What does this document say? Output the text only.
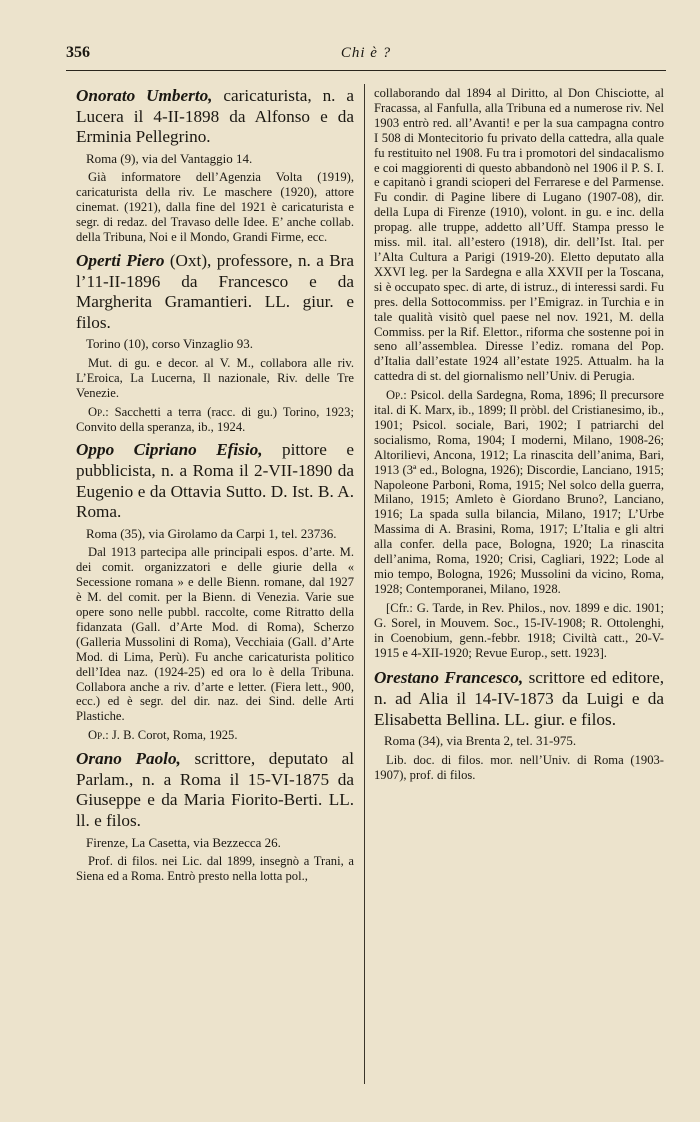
356	Chi è ?

Onorato Umberto, caricaturista, n. a Lucera il 4-II-1898 da Alfonso e da Erminia Pellegrino.

Roma (9), via del Vantaggio 14.

Già informatore dell’Agenzia Volta (1919), caricaturista della riv. Le maschere (1920), attore cinemat. (1921), dalla fine del 1921 è caricaturista e segr. di redaz. del Travaso delle Idee. E’ anche collab. della Tribuna, Noi e il Mondo, Grandi Firme, ecc.

Operti Piero (Oxt), professore, n. a Bra l’11-II-1896 da Francesco e da Margherita Gramantieri. LL. giur. e filos.

Torino (10), corso Vinzaglio 93.

Mut. di gu. e decor. al V. M., collabora alle riv. L’Eroica, La Lucerna, Il nazionale, Riv. delle Tre Venezie.

Op.: Sacchetti a terra (racc. di gu.) Torino, 1923; Convito della speranza, ib., 1924.

Oppo Cipriano Efisio, pittore e pubblicista, n. a Roma il 2-VII-1890 da Eugenio e da Ottavia Sutto. D. Ist. B. A. Roma.

Roma (35), via Girolamo da Carpi 1, tel. 23736.

Dal 1913 partecipa alle principali espos. d’arte. M. dei comit. organizzatori e delle giurie della « Secessione romana » e delle Bienn. romane, dal 1927 è M. del comit. per la Bienn. di Venezia. Varie sue opere sono nelle pubbl. raccolte, come Ritratto della fidanzata (Gall. d’Arte Mod. di Roma), Scherzo (Galleria Mussolini di Roma), Vecchiaia (Gall. d’Arte Mod. di Lima, Perù). Fu anche caricaturista politico dell’Idea naz. (1924-25) ed ora lo è della Tribuna. Collabora anche a riv. d’arte e letter. (Fiera lett., 900, ecc.) ed è segr. del dir. naz. dei Sind. delle Arti Plastiche.

Op.: J. B. Corot, Roma, 1925.

Orano Paolo, scrittore, deputato al Parlam., n. a Roma il 15-VI-1875 da Giuseppe e da Maria Fiorito-Berti. LL. ll. e filos.

Firenze, La Casetta, via Bezzecca 26.

Prof. di filos. nei Lic. dal 1899, insegnò a Trani, a Siena ed a Roma. Entrò presto nella lotta pol.,

collaborando dal 1894 al Diritto, al Don Chisciotte, al Fracassa, al Fanfulla, alla Tribuna ed a numerose riv. Nel 1903 entrò red. all’Avanti! e per la sua campagna contro I 508 di Montecitorio fu privato della cattedra, alla quale fu restituito nel 1908. Fu tra i promotori del sindacalismo e coi maggiorenti di questo abbandonò nel 1906 il P. S. I. e capitanò i grandi scioperi del Ferrarese e del Parmense. Fu condir. di Pagine libere di Lugano (1907-08), dir. della Lupa di Firenze (1910), volont. in gu. e inc. della propag. alle truppe, addetto all’Uff. Stampa presso le miss. mil. ital. all’estero (1918), dir. dell’Ist. Ital. per l’Alta Cultura a Parigi (1919-20). Eletto deputato alla XXVI leg. per la Sardegna e alla XXVII per la Toscana, si è occupato spec. di arte, di istruz., di interessi sardi. Fu pres. della Sottocommiss. per l’Emigraz. in Turchia e in tale qualità visitò quel paese nel nov. 1921, M. della Commiss. per la Rif. Elettor., riforma che sostenne poi in seno all’assemblea. Diresse l’ediz. romana del Pop. d’Italia dall’estate 1924 all’estate 1925. Attualm. ha la cattedra di st. del giornalismo nell’Univ. di Perugia.

Op.: Psicol. della Sardegna, Roma, 1896; Il precursore ital. di K. Marx, ib., 1899; Il pròbl. del Cristianesimo, ib., 1901; Psicol. sociale, Bari, 1902; I patriarchi del socialismo, Roma, 1904; I moderni, Milano, 1908-26; Altorilievi, Ancona, 1912; La rinascita dell’anima, Bari, 1913 (3ª ed., Bologna, 1926); Discordie, Lanciano, 1915; Napoleone Parboni, Roma, 1915; Nel solco della guerra, Milano, 1915; Amleto è Giordano Bruno?, Lanciano, 1916; La spada sulla bilancia, Milano, 1917; L’Urbe Massima di A. Brasini, Roma, 1917; L’Italia e gli altri alla confer. della pace, Bologna, 1920; La rinascita dell’anima, Roma, 1920; Crisi, Cagliari, 1922; Lode al mio tempo, Bologna, 1926; Mussolini da vicino, Roma, 1928; Contemporanei, Milano, 1928.

[Cfr.: G. Tarde, in Rev. Philos., nov. 1899 e dic. 1901; G. Sorel, in Mouvem. Soc., 15-IV-1908; R. Ottolenghi, in Coenobium, genn.-febbr. 1918; Civiltà catt., 20-V-1915 e 4-XII-1920; Revue Europ., sett. 1923].

Orestano Francesco, scrittore ed editore, n. ad Alia il 14-IV-1873 da Luigi e da Elisabetta Bellina. LL. giur. e filos.

Roma (34), via Brenta 2, tel. 31-975.

Lib. doc. di filos. mor. nell’Univ. di Roma (1903-1907), prof. di filos.
